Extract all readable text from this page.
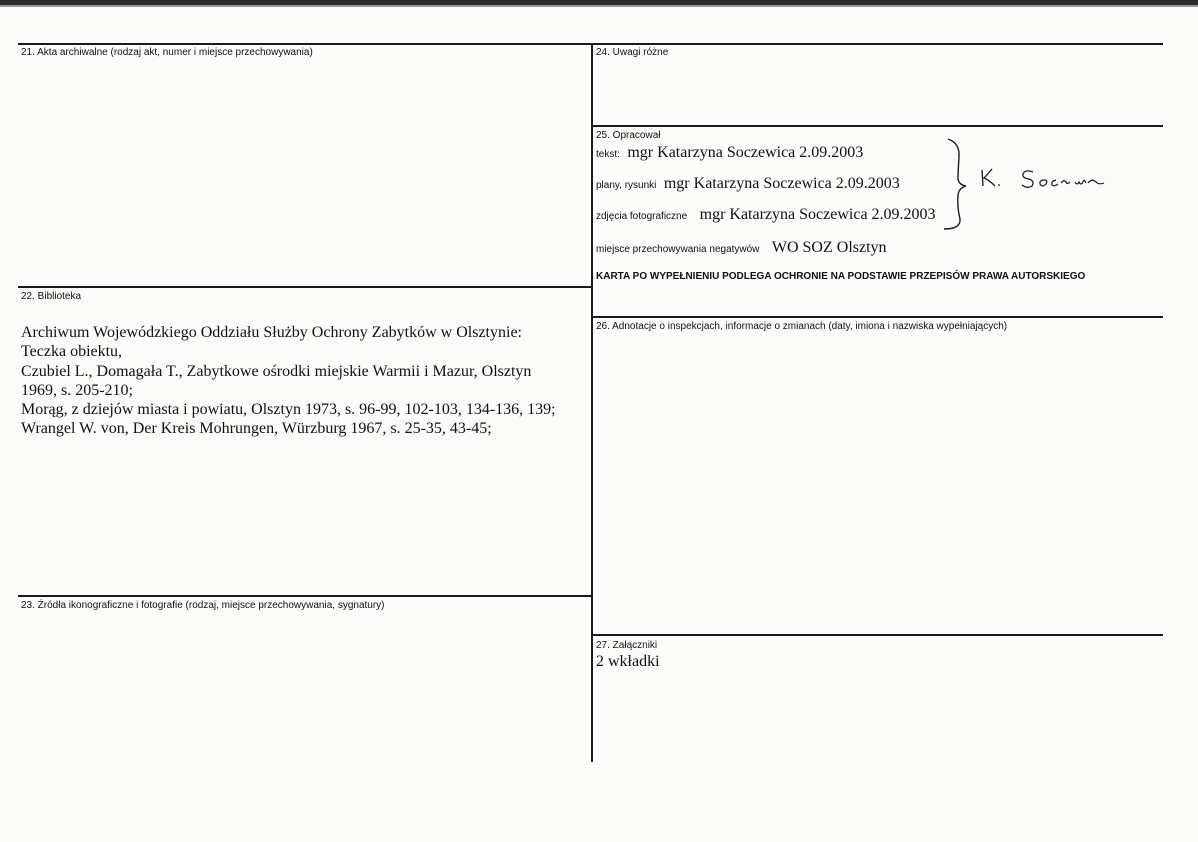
21. Akta archiwalne (rodzaj akt, numer i miejsce przechowywania)
22. Biblioteka
Archiwum Wojewódzkiego Oddziału Służby Ochrony Zabytków w Olsztynie:
Teczka obiektu,
Czubiel L., Domagała T., Zabytkowe ośrodki miejskie Warmii i Mazur, Olsztyn
1969, s. 205-210;
Morąg, z dziejów miasta i powiatu, Olsztyn 1973, s. 96-99, 102-103, 134-136, 139;
Wrangel W. von, Der Kreis Mohrungen, Würzburg 1967, s. 25-35, 43-45;
23. Źródła ikonograficzne i fotografie (rodzaj, miejsce przechowywania, sygnatury)
24. Uwagi różne
25. Opracował
tekst: mgr Katarzyna Soczewica 2.09.2003
plany, rysunki mgr Katarzyna Soczewica 2.09.2003
zdjęcia fotograficzne mgr Katarzyna Soczewica 2.09.2003
miejsce przechowywania negatywów WO SOZ Olsztyn
KARTA PO WYPEŁNIENIU PODLEGA OCHRONIE NA PODSTAWIE PRZEPISÓW PRAWA AUTORSKIEGO
26. Adnotacje o inspekcjach, informacje o zmianach (daty, imiona i nazwiska wypełniających)
27. Załączniki
2 wkładki
